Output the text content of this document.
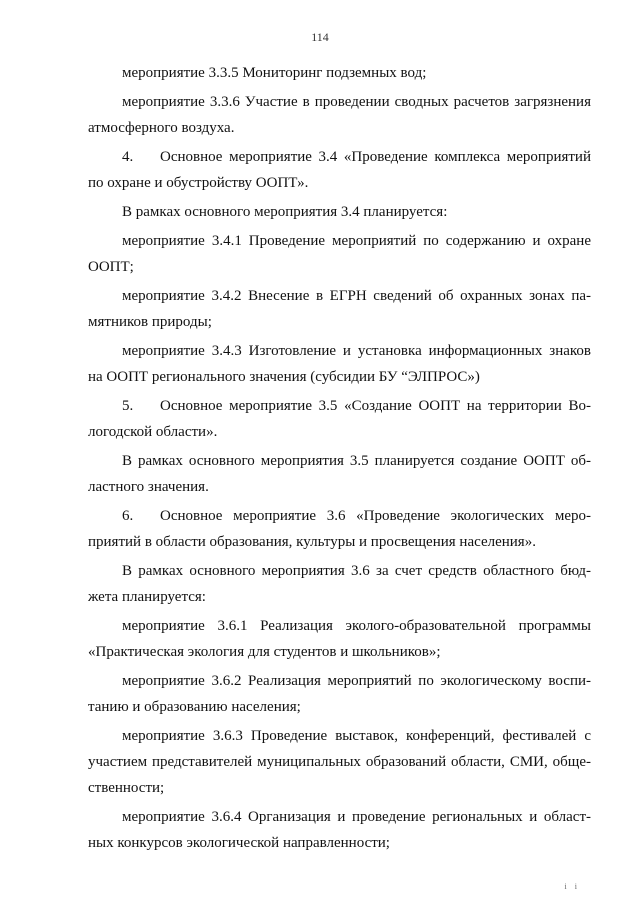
114
мероприятие 3.3.5 Мониторинг подземных вод;
мероприятие 3.3.6 Участие в проведении сводных расчетов загрязнения
атмосферного воздуха.
4. Основное мероприятие 3.4 «Проведение комплекса мероприятий
по охране и обустройству ООПТ».
В рамках основного мероприятия 3.4 планируется:
мероприятие 3.4.1 Проведение мероприятий по содержанию и охране
ООПТ;
мероприятие 3.4.2 Внесение в ЕГРН сведений об охранных зонах па-
мятников природы;
мероприятие 3.4.3 Изготовление и установка информационных знаков
на ООПТ регионального значения (субсидии БУ “ЭЛПРОС»)
5. Основное мероприятие 3.5 «Создание ООПТ на территории Во-
логодской области».
В рамках основного мероприятия 3.5 планируется создание ООПТ об-
ластного значения.
6. Основное мероприятие 3.6 «Проведение экологических меро-
приятий в области образования, культуры и просвещения населения».
В рамках основного мероприятия 3.6 за счет средств областного бюд-
жета планируется:
мероприятие 3.6.1 Реализация эколого-образовательной программы
«Практическая экология для студентов и школьников»;
мероприятие 3.6.2 Реализация мероприятий по экологическому воспи-
танию и образованию населения;
мероприятие 3.6.3 Проведение выставок, конференций, фестивалей с
участием представителей муниципальных образований области, СМИ, обще-
ственности;
мероприятие 3.6.4 Организация и проведение региональных и област-
ных конкурсов экологической направленности;
i i
